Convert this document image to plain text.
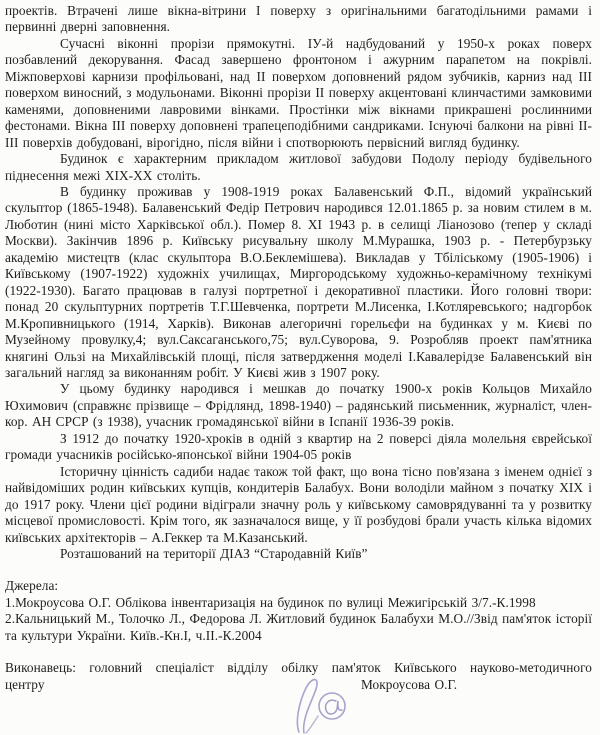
проектів. Втрачені лише вікна-вітрини І поверху з оригінальними багатодільними рамами і первинні дверні заповнення.

Сучасні віконні прорізи прямокутні. ІУ-й надбудований у 1950-х роках поверх позбавлений декорування. Фасад завершено фронтоном і ажурним парапетом на покрівлі. Міжповерхові карнизи профільовані, над ІІ поверхом доповнений рядом зубчиків, карниз над ІІІ поверхом виносний, з модульонами. Віконні прорізи ІІ поверху акцентовані клинчастими замковими каменями, доповненими лавровими вінками. Простінки між вікнами прикрашені рослинними фестонами. Вікна ІІІ поверху доповнені трапецеподібними сандриками. Існуючі балкони на рівні ІІ-ІІІ поверхів добудовані, вірогідно, після війни і спотворюють первісний вигляд будинку.

Будинок є характерним прикладом житлової забудови Подолу періоду будівельного піднесення межі ХІХ-ХХ століть.

В будинку проживав у 1908-1919 роках Балавенський Ф.П., відомий український скульптор (1865-1948). Балавенський Федір Петрович народився 12.01.1865 р. за новим стилем в м. Люботин (нині місто Харківської обл.). Помер 8. ХІ 1943 р. в селищі Ліанозово (тепер у складі Москви). Закінчив 1896 р. Київську рисувальну школу М.Мурашка, 1903 р. - Петербурзьку академію мистецтв (клас скульптора В.О.Беклемішева). Викладав у Тбіліському (1905-1906) і Київському (1907-1922) художніх училищах, Миргородському художньо-керамічному технікумі (1922-1930). Багато працював в галузі портретної і декоративної пластики. Його головні твори: понад 20 скульптурних портретів Т.Г.Шевченка, портрети М.Лисенка, І.Котляревського; надгорбок М.Кропивницького (1914, Харків). Виконав алегоричні горельєфи на будинках у м. Києві по Музейному провулку,4; вул.Саксаганського,75; вул.Суворова, 9. Розробляв проект пам'ятника княгині Ользі на Михайлівській площі, після затвердження моделі І.Кавалерідзе Балавенський він загальний нагляд за виконанням робіт. У Києві жив з 1907 року.

У цьому будинку народився і мешкав до початку 1900-х років Кольцов Михайло Юхимович (справжнє прізвище – Фрідлянд, 1898-1940) – радянський письменник, журналіст, член-кор. АН СРСР (з 1938), учасник громадянської війни в Іспанії 1936-39 років.

З 1912 до початку 1920-хроків в одній з квартир на 2 поверсі діяла молельня єврейської громади учасників російсько-японської війни 1904-05 років

Історичну цінність садиби надає також той факт, що вона тісно пов'язана з іменем однієї з найвідоміших родин київських купців, кондитерів Балабух. Вони володіли майном з початку ХІХ і до 1917 року. Члени цієї родини відіграли значну роль у київському самоврядуванні та у розвитку місцевої промисловості. Крім того, як зазначалося вище, у її розбудові брали участь кілька відомих київських архітекторів – А.Геккер та М.Казанський.

Розташований на території ДІАЗ “Стародавній Київ”

Джерела:

1.Мокроусова О.Г. Облікова інвентаризація на будинок по вулиці Межигірській 3/7.-К.1998

2.Кальницький М., Толочко Л., Федорова Л. Житловий будинок Балабухи М.О.//Звід пам'яток історії та культури України. Київ.-Кн.І, ч.ІІ.-К.2004

Виконавець: головний спеціаліст відділу обілку пам'яток Київського науково-методичного

центру	Мокроусова О.Г.
